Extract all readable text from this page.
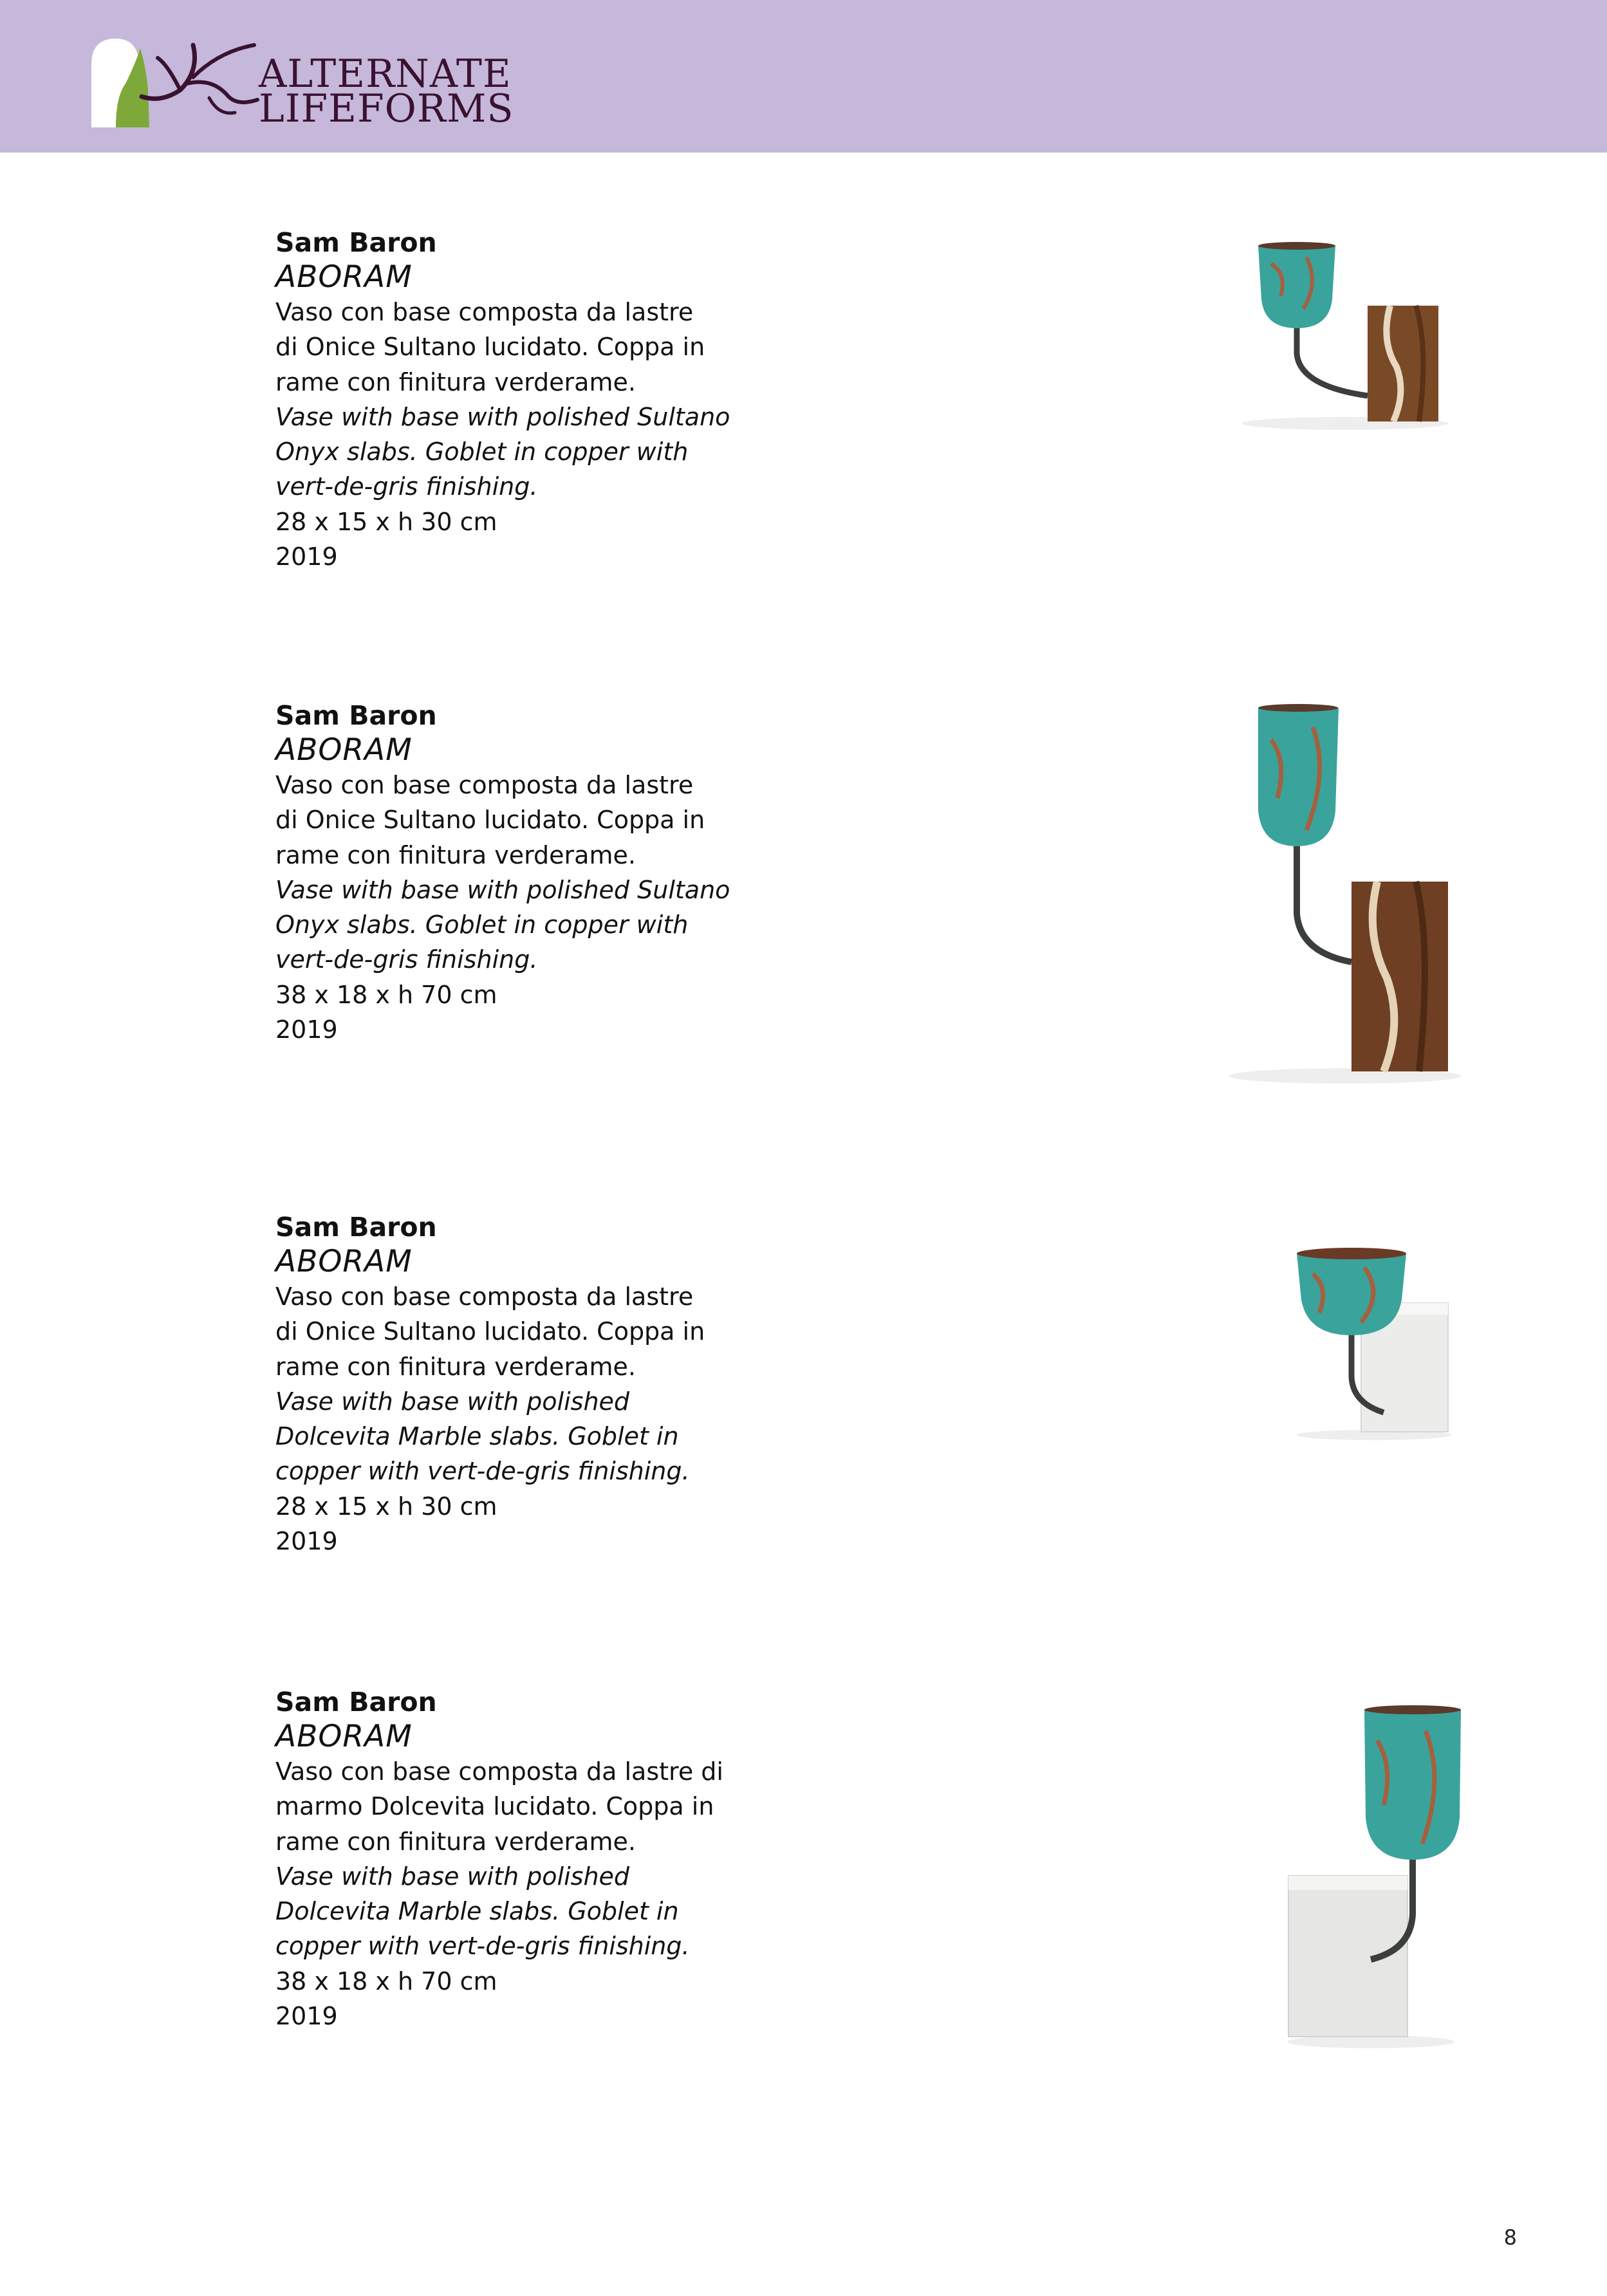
ALTERNATE
LIFEFORMS
Sam Baron
ABORAM
Vaso con base composta da lastre
di Onice Sultano lucidato. Coppa in
rame con finitura verderame.
Vase with base with polished Sultano
Onyx slabs. Goblet in copper with
vert-de-gris finishing.
28 x 15 x h 30 cm
2019
Sam Baron
ABORAM
Vaso con base composta da lastre
di Onice Sultano lucidato. Coppa in
rame con finitura verderame.
Vase with base with polished Sultano
Onyx slabs. Goblet in copper with
vert-de-gris finishing.
38 x 18 x h 70 cm
2019
Sam Baron
ABORAM
Vaso con base composta da lastre
di Onice Sultano lucidato. Coppa in
rame con finitura verderame.
Vase with base with polished
Dolcevita Marble slabs. Goblet in
copper with vert-de-gris finishing.
28 x 15 x h 30 cm
2019
Sam Baron
ABORAM
Vaso con base composta da lastre di
marmo Dolcevita lucidato. Coppa in
rame con finitura verderame.
Vase with base with polished
Dolcevita Marble slabs. Goblet in
copper with vert-de-gris finishing.
38 x 18 x h 70 cm
2019
8
